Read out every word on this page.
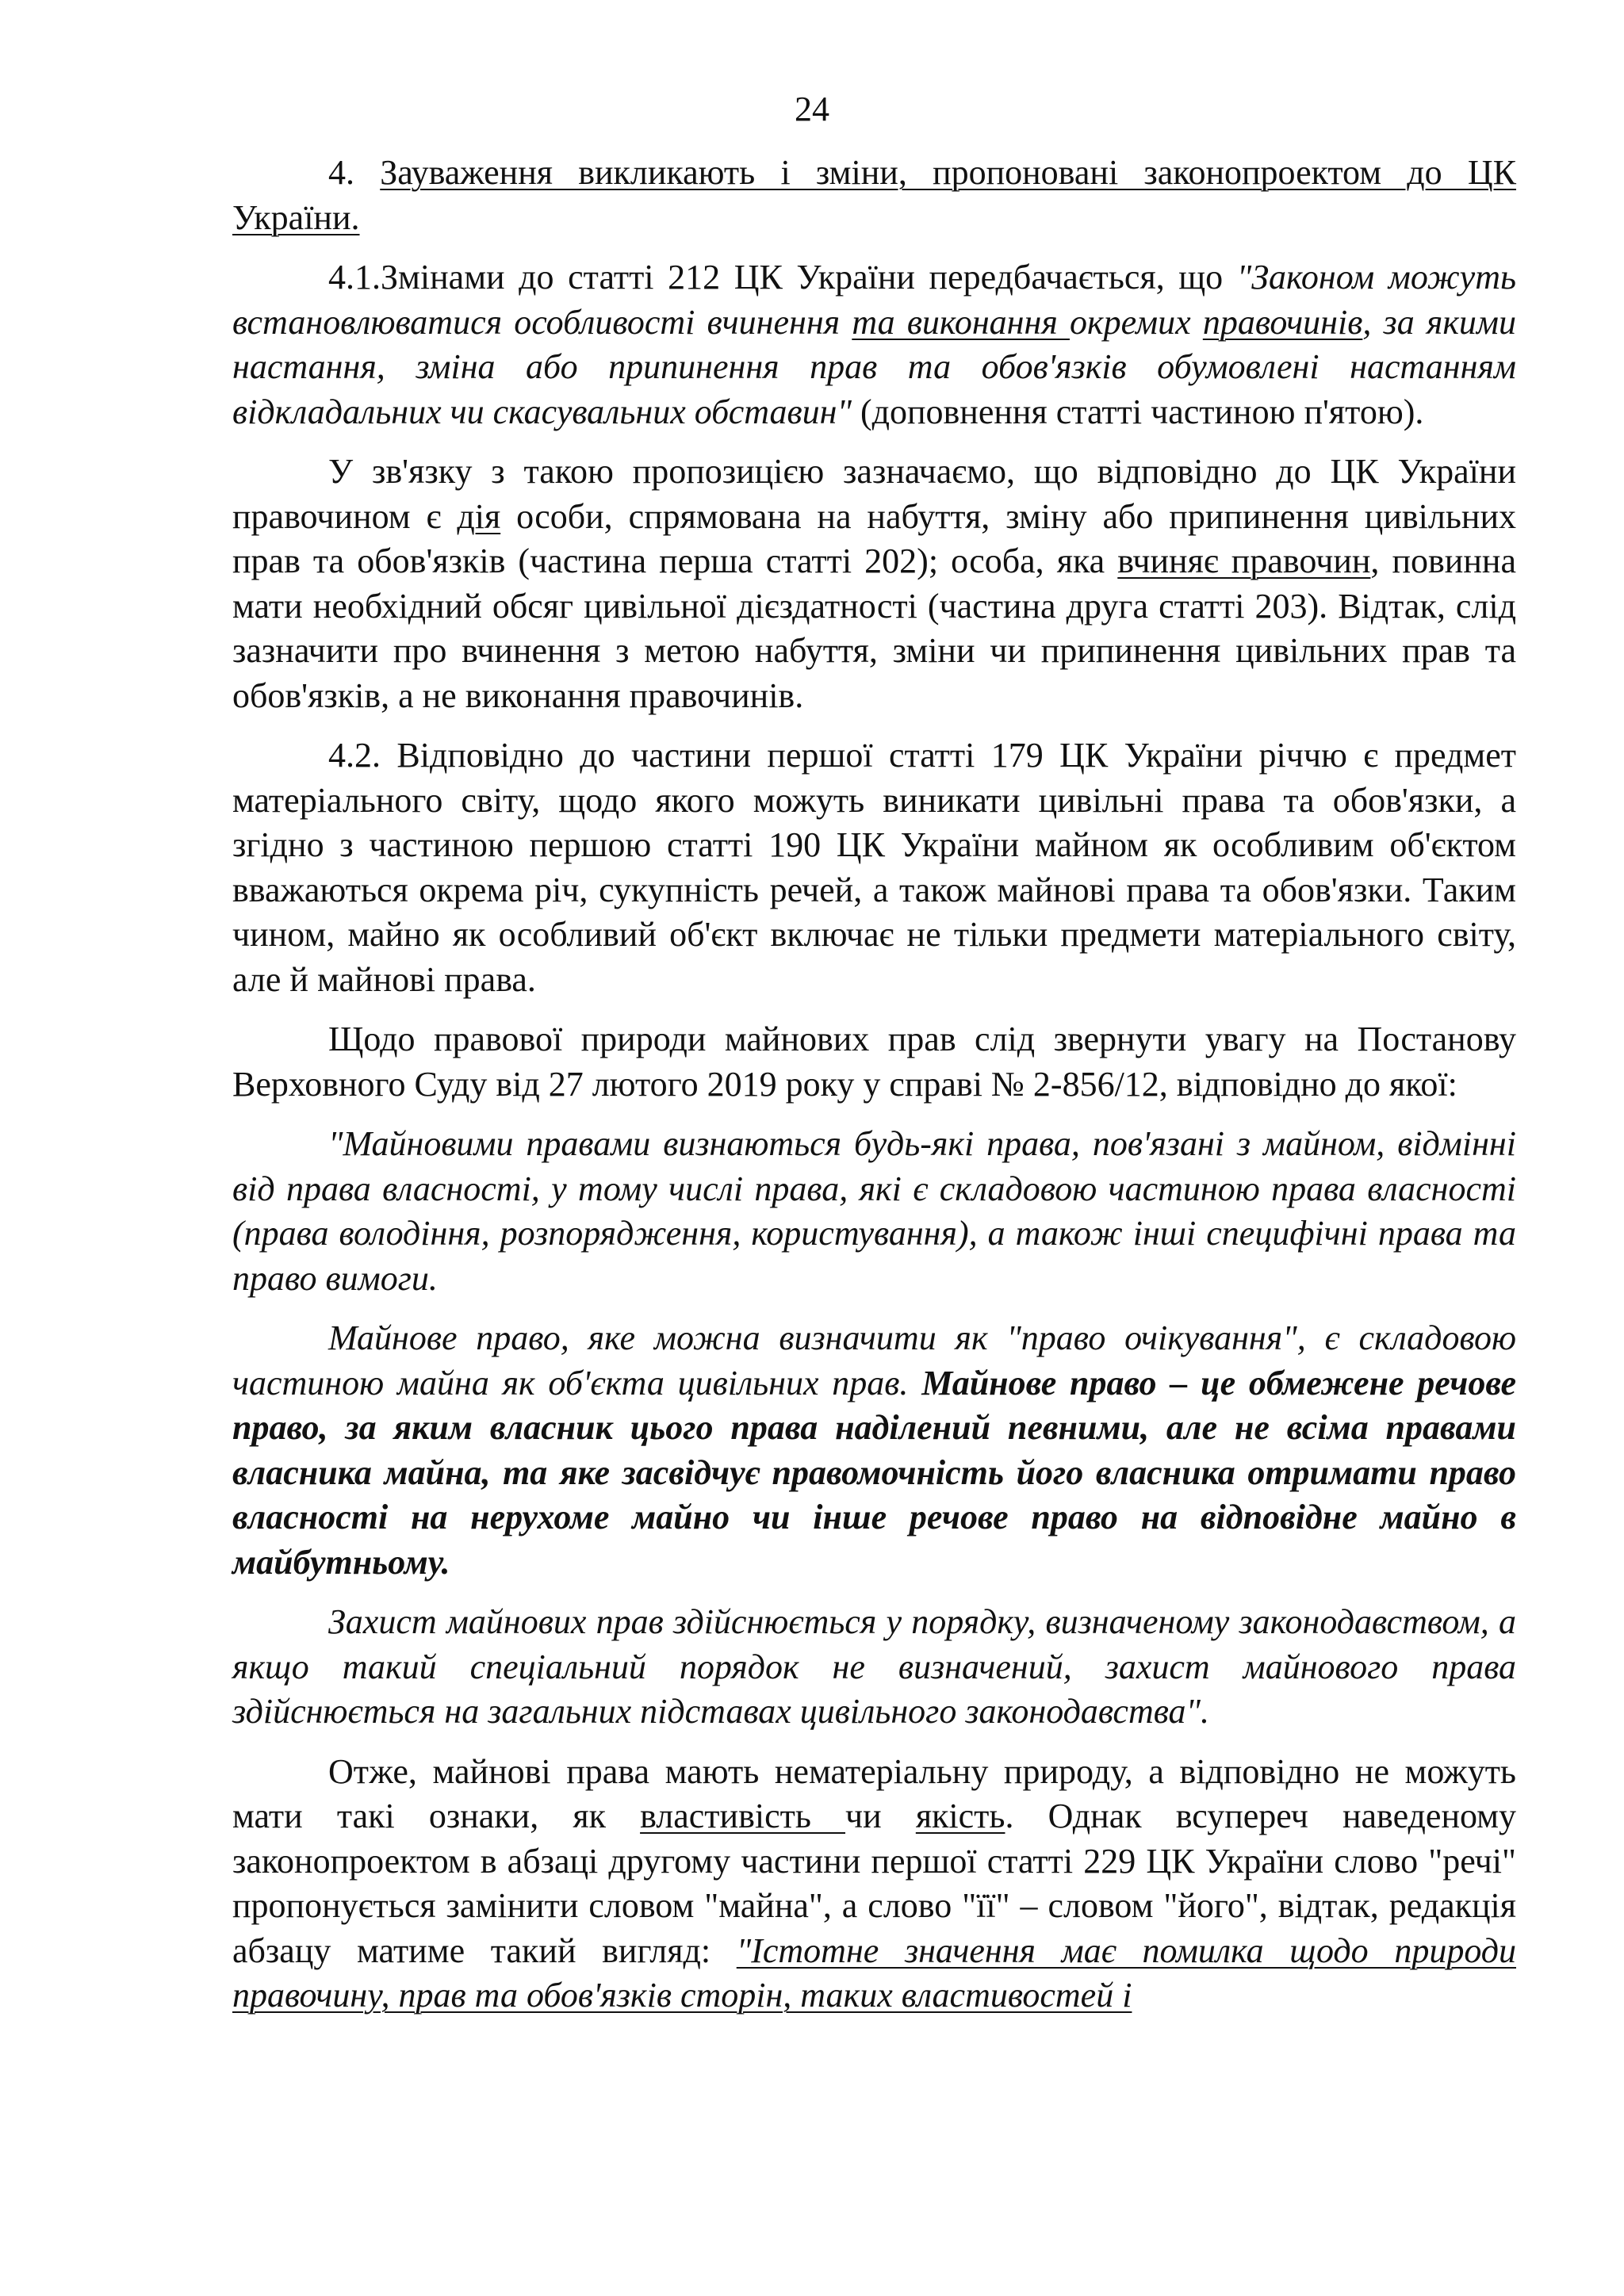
24

4. Зауваження викликають і зміни, пропоновані законопроектом до ЦК України.

4.1.Змінами до статті 212 ЦК України передбачається, що "Законом можуть встановлюватися особливості вчинення та виконання окремих правочинів, за якими настання, зміна або припинення прав та обов'язків обумовлені настанням відкладальних чи скасувальних обставин" (доповнення статті частиною п'ятою).

У зв'язку з такою пропозицією зазначаємо, що відповідно до ЦК України правочином є дія особи, спрямована на набуття, зміну або припинення цивільних прав та обов'язків (частина перша статті 202); особа, яка вчиняє правочин, повинна мати необхідний обсяг цивільної дієздатності (частина друга статті 203). Відтак, слід зазначити про вчинення з метою набуття, зміни чи припинення цивільних прав та обов'язків, а не виконання правочинів.

4.2. Відповідно до частини першої статті 179 ЦК України річчю є предмет матеріального світу, щодо якого можуть виникати цивільні права та обов'язки, а згідно з частиною першою статті 190 ЦК України майном як особливим об'єктом вважаються окрема річ, сукупність речей, а також майнові права та обов'язки. Таким чином, майно як особливий об'єкт включає не тільки предмети матеріального світу, але й майнові права.

Щодо правової природи майнових прав слід звернути увагу на Постанову Верховного Суду від 27 лютого 2019 року у справі № 2-856/12, відповідно до якої:

"Майновими правами визнаються будь-які права, пов'язані з майном, відмінні від права власності, у тому числі права, які є складовою частиною права власності (права володіння, розпорядження, користування), а також інші специфічні права та право вимоги.

Майнове право, яке можна визначити як "право очікування", є складовою частиною майна як об'єкта цивільних прав. Майнове право – це обмежене речове право, за яким власник цього права наділений певними, але не всіма правами власника майна, та яке засвідчує правомочність його власника отримати право власності на нерухоме майно чи інше речове право на відповідне майно в майбутньому.

Захист майнових прав здійснюється у порядку, визначеному законодавством, а якщо такий спеціальний порядок не визначений, захист майнового права здійснюється на загальних підставах цивільного законодавства".

Отже, майнові права мають нематеріальну природу, а відповідно не можуть мати такі ознаки, як властивість чи якість. Однак всупереч наведеному законопроектом в абзаці другому частини першої статті 229 ЦК України слово "речі" пропонується замінити словом "майна", а слово "її" – словом "його", відтак, редакція абзацу матиме такий вигляд: "Істотне значення має помилка щодо природи правочину, прав та обов'язків сторін, таких властивостей і
